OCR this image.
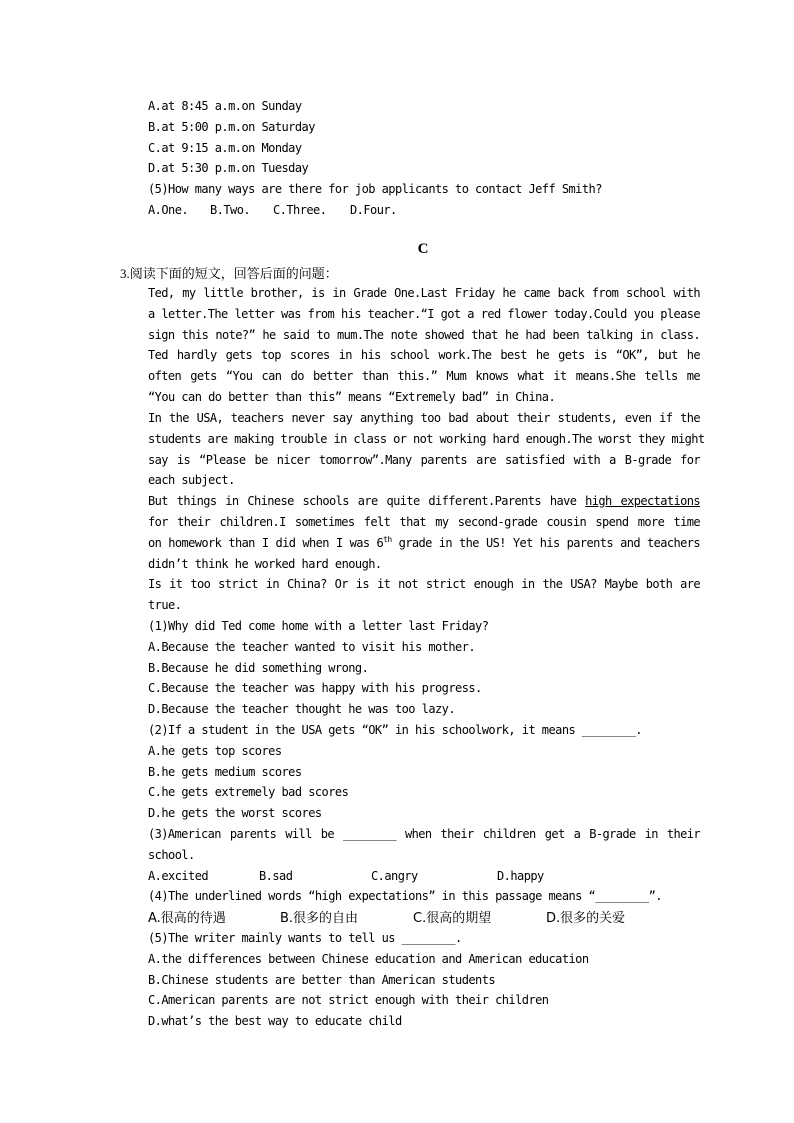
A.at 8:45 a.m.on Sunday
B.at 5:00 p.m.on Saturday
C.at 9:15 a.m.on Monday
D.at 5:30 p.m.on Tuesday
(5)How many ways are there for job applicants to contact Jeff Smith?
A.One. B.Two. C.Three. D.Four.
C
3.阅读下面的短文，回答后面的问题：
Ted, my little brother, is in Grade One.Last Friday he came back from school with
a letter.The letter was from his teacher.“I got a red flower today.Could you please
sign this note?” he said to mum.The note showed that he had been talking in class.
Ted hardly gets top scores in his school work.The best he gets is “OK”, but he
often gets “You can do better than this.” Mum knows what it means.She tells me
“You can do better than this” means “Extremely bad” in China.
In the USA, teachers never say anything too bad about their students, even if the
students are making trouble in class or not working hard enough.The worst they might
say is “Please be nicer tomorrow”.Many parents are satisfied with a B-grade for
each subject.
But things in Chinese schools are quite different.Parents have high expectations
for their children.I sometimes felt that my second-grade cousin spend more time
on homework than I did when I was 6th grade in the US! Yet his parents and teachers
didn’t think he worked hard enough.
Is it too strict in China? Or is it not strict enough in the USA? Maybe both are
true.
(1)Why did Ted come home with a letter last Friday?
A.Because the teacher wanted to visit his mother.
B.Because he did something wrong.
C.Because the teacher was happy with his progress.
D.Because the teacher thought he was too lazy.
(2)If a student in the USA gets “OK” in his schoolwork, it means ________.
A.he gets top scores
B.he gets medium scores
C.he gets extremely bad scores
D.he gets the worst scores
(3)American parents will be ________ when their children get a B-grade in their
school.
A.excited	B.sad	C.angry	D.happy
(4)The underlined words “high expectations” in this passage means “________”.
A.很高的待遇	B.很多的自由	C.很高的期望	D.很多的关爱
(5)The writer mainly wants to tell us ________.
A.the differences between Chinese education and American education
B.Chinese students are better than American students
C.American parents are not strict enough with their children
D.what’s the best way to educate child
